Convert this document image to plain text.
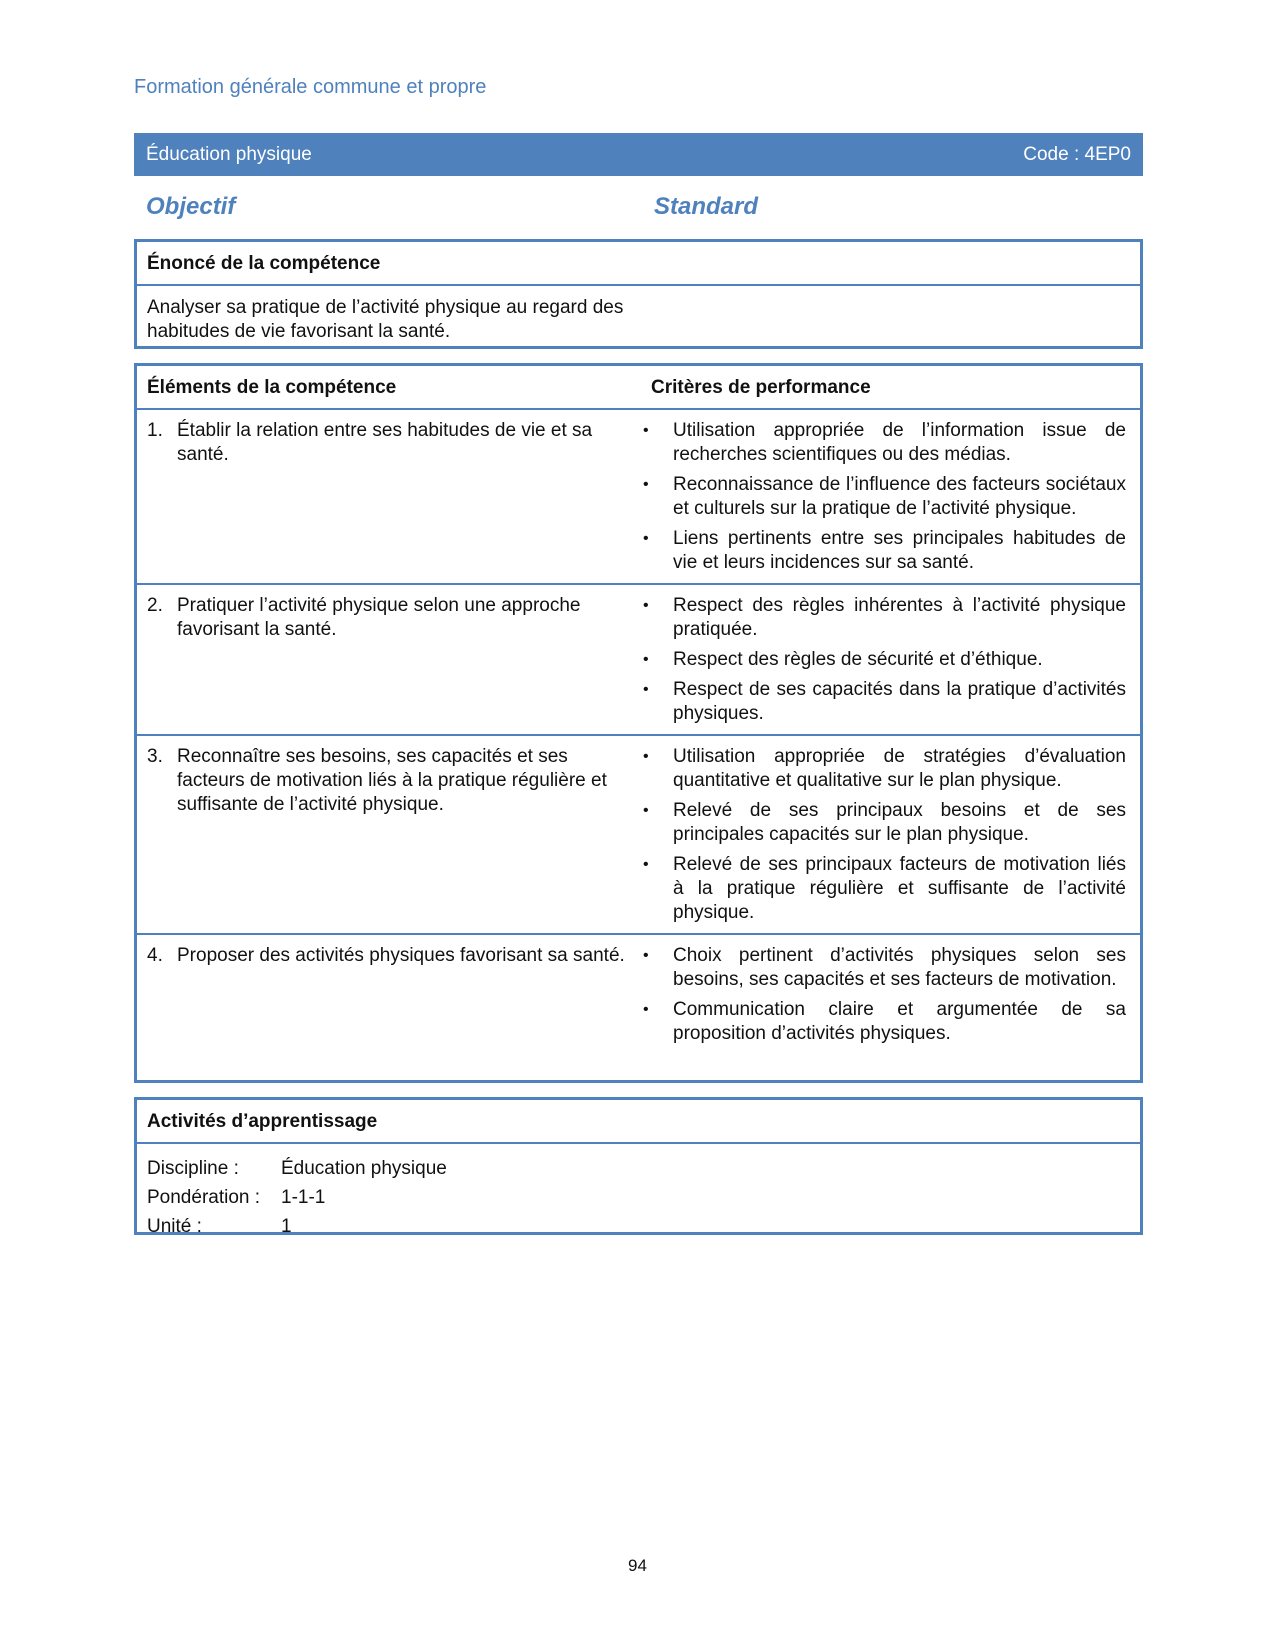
Formation générale commune et propre
Éducation physique	Code : 4EP0
Objectif	Standard
Énoncé de la compétence
Analyser sa pratique de l’activité physique au regard des habitudes de vie favorisant la santé.
Éléments de la compétence	Critères de performance
1. Établir la relation entre ses habitudes de vie et sa santé.
•	Utilisation appropriée de l’information issue de recherches scientifiques ou des médias.
•	Reconnaissance de l’influence des facteurs sociétaux et culturels sur la pratique de l’activité physique.
•	Liens pertinents entre ses principales habitudes de vie et leurs incidences sur sa santé.
2. Pratiquer l’activité physique selon une approche favorisant la santé.
•	Respect des règles inhérentes à l’activité physique pratiquée.
•	Respect des règles de sécurité et d’éthique.
•	Respect de ses capacités dans la pratique d’activités physiques.
3. Reconnaître ses besoins, ses capacités et ses facteurs de motivation liés à la pratique régulière et suffisante de l’activité physique.
•	Utilisation appropriée de stratégies d’évaluation quantitative et qualitative sur le plan physique.
•	Relevé de ses principaux besoins et de ses principales capacités sur le plan physique.
•	Relevé de ses principaux facteurs de motivation liés à la pratique régulière et suffisante de l’activité physique.
4. Proposer des activités physiques favorisant sa santé. •	Choix pertinent d’activités physiques selon ses besoins, ses capacités et ses facteurs de motivation.
•	Communication claire et argumentée de sa proposition d’activités physiques.
Activités d’apprentissage
Discipline :	Éducation physique
Pondération :	1-1-1
Unité :	1
94
